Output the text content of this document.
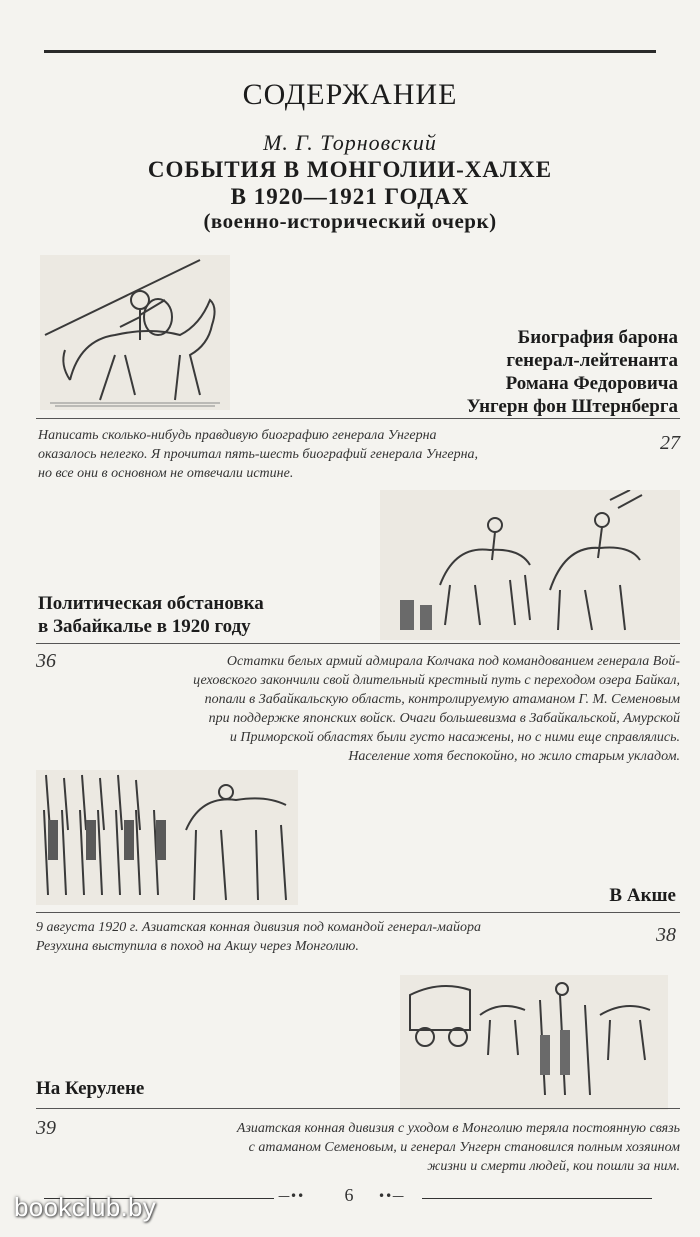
СОДЕРЖАНИЕ
М. Г. Торновский
СОБЫТИЯ В МОНГОЛИИ-ХАЛХЕ
В 1920—1921 ГОДАХ
(военно-исторический очерк)
Биография барона
генерал-лейтенанта
Романа Федоровича
Унгерн фон Штернберга
Написать сколько-нибудь правдивую биографию генерала Унгерна
оказалось нелегко. Я прочитал пять-шесть биографий генерала Унгерна,
но все они в основном не отвечали истине.
27
Политическая обстановка
в Забайкалье в 1920 году
36	Остатки белых армий адмирала Колчака под командованием генерала Вой-
цеховского закончили свой длительный крестный путь с переходом озера Байкал,
попали в Забайкальскую область, контролируемую атаманом Г. М. Семеновым
при поддержке японских войск. Очаги большевизма в Забайкальской, Амурской
и Приморской областях были густо насажены, но с ними еще справлялись.
Население хотя беспокойно, но жило старым укладом.
В Акше
9 августа 1920 г. Азиатская конная дивизия под командой генерал-майора
Резухина выступила в поход на Акшу через Монголию.
38
На Керулене
39	Азиатская конная дивизия с уходом в Монголию теряла постоянную связь
с атаманом Семеновым, и генерал Унгерн становился полным хозяином
жизни и смерти людей, кои пошли за ним.
—••	6	••—
bookclub.by
